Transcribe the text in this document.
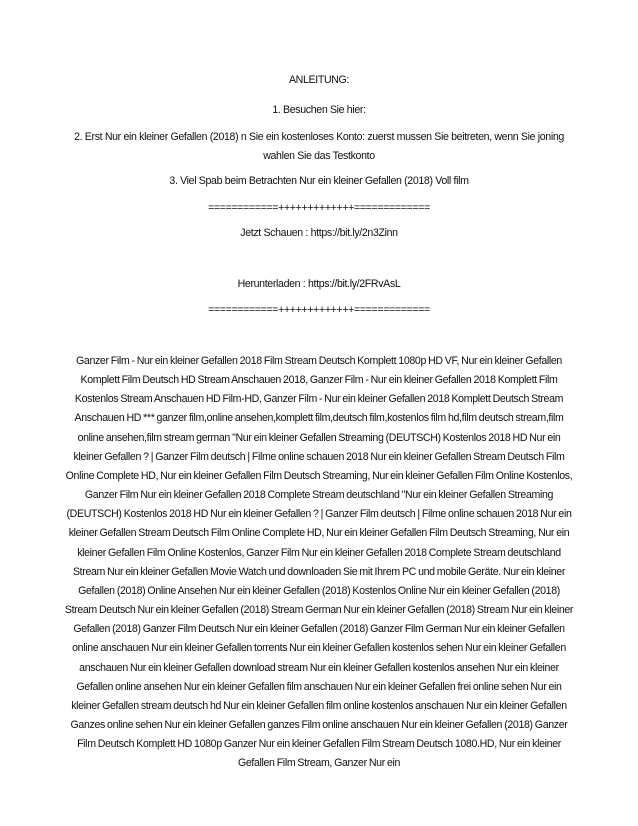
ANLEITUNG:

1. Besuchen Sie hier:

2. Erst Nur ein kleiner Gefallen (2018) n Sie ein kostenloses Konto: zuerst mussen Sie beitreten, wenn Sie joning wahlen Sie das Testkonto

3. Viel Spab beim Betrachten Nur ein kleiner Gefallen (2018) Voll film

============+++++++++++++=============

Jetzt Schauen : https://bit.ly/2n3Zinn

Herunterladen : https://bit.ly/2FRvAsL

============+++++++++++++=============

Ganzer Film - Nur ein kleiner Gefallen 2018 Film Stream Deutsch Komplett 1080p HD VF, Nur ein kleiner Gefallen Komplett Film Deutsch HD Stream Anschauen 2018, Ganzer Film - Nur ein kleiner Gefallen 2018 Komplett Film Kostenlos Stream Anschauen HD Film-HD, Ganzer Film - Nur ein kleiner Gefallen 2018 Komplett Deutsch Stream Anschauen HD *** ganzer film,online ansehen,komplett film,deutsch film,kostenlos film hd,film deutsch stream,film online ansehen,film stream german "Nur ein kleiner Gefallen Streaming (DEUTSCH) Kostenlos 2018 HD Nur ein kleiner Gefallen ? | Ganzer Film deutsch | Filme online schauen 2018 Nur ein kleiner Gefallen Stream Deutsch Film Online Complete HD, Nur ein kleiner Gefallen Film Deutsch Streaming, Nur ein kleiner Gefallen Film Online Kostenlos, Ganzer Film Nur ein kleiner Gefallen 2018 Complete Stream deutschland "Nur ein kleiner Gefallen Streaming (DEUTSCH) Kostenlos 2018 HD Nur ein kleiner Gefallen ? | Ganzer Film deutsch | Filme online schauen 2018 Nur ein kleiner Gefallen Stream Deutsch Film Online Complete HD, Nur ein kleiner Gefallen Film Deutsch Streaming, Nur ein kleiner Gefallen Film Online Kostenlos, Ganzer Film Nur ein kleiner Gefallen 2018 Complete Stream deutschland Stream Nur ein kleiner Gefallen Movie Watch und downloaden Sie mit Ihrem PC und mobile Geräte. Nur ein kleiner Gefallen (2018) Online Ansehen Nur ein kleiner Gefallen (2018) Kostenlos Online Nur ein kleiner Gefallen (2018) Stream Deutsch Nur ein kleiner Gefallen (2018) Stream German Nur ein kleiner Gefallen (2018) Stream Nur ein kleiner Gefallen (2018) Ganzer Film Deutsch Nur ein kleiner Gefallen (2018) Ganzer Film German Nur ein kleiner Gefallen online anschauen Nur ein kleiner Gefallen torrents Nur ein kleiner Gefallen kostenlos sehen Nur ein kleiner Gefallen anschauen Nur ein kleiner Gefallen download stream Nur ein kleiner Gefallen kostenlos ansehen Nur ein kleiner Gefallen online ansehen Nur ein kleiner Gefallen film anschauen Nur ein kleiner Gefallen frei online sehen Nur ein kleiner Gefallen stream deutsch hd Nur ein kleiner Gefallen film online kostenlos anschauen Nur ein kleiner Gefallen Ganzes online sehen Nur ein kleiner Gefallen ganzes Film online anschauen Nur ein kleiner Gefallen (2018) Ganzer Film Deutsch Komplett HD 1080p Ganzer Nur ein kleiner Gefallen Film Stream Deutsch 1080.HD, Nur ein kleiner Gefallen Film Stream, Ganzer Nur ein
